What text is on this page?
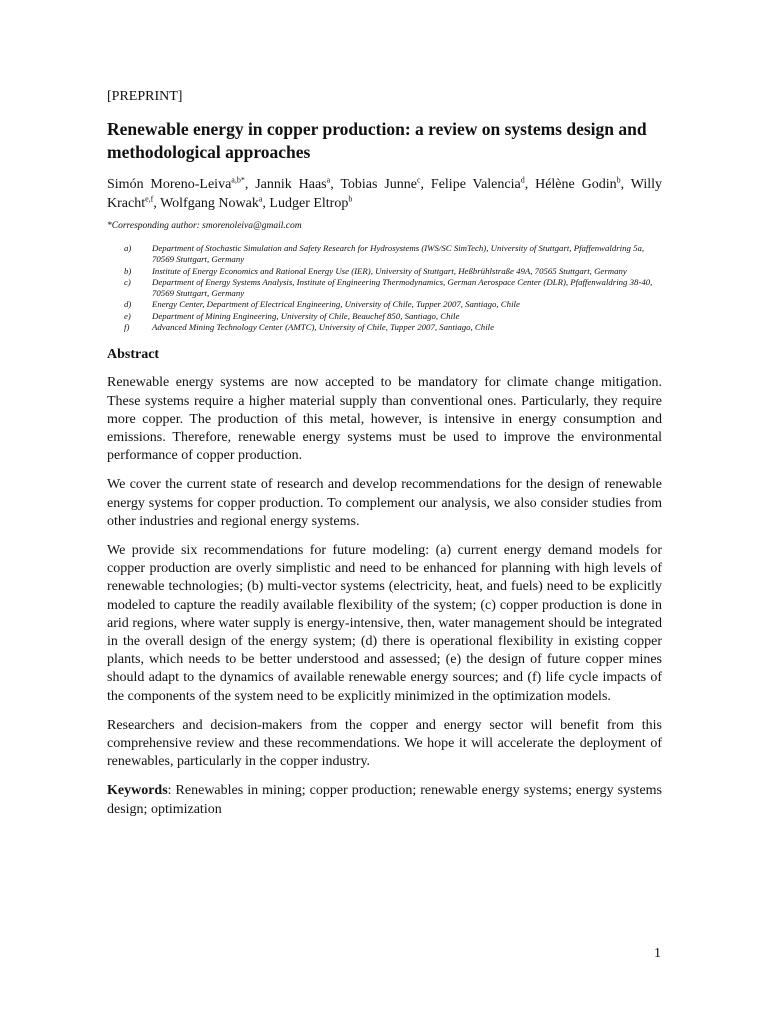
[PREPRINT]

Renewable energy in copper production: a review on systems design and methodological approaches

Simón Moreno-Leiva$^{a,b*}$, Jannik Haas$^a$, Tobias Junne$^c$, Felipe Valencia$^d$, Hélène Godin$^b$, Willy Kracht$^{e,f}$, Wolfgang Nowak$^a$, Ludger Eltrop$^b$

*Corresponding author: smorenoleiva@gmail.com

a)	Department of Stochastic Simulation and Safety Research for Hydrosystems (IWS/SC SimTech), University of Stuttgart, Pfaffenwaldring 5a, 70569 Stuttgart, Germany
b)	Institute of Energy Economics and Rational Energy Use (IER), University of Stuttgart, Heßbrühlstraße 49A, 70565 Stuttgart, Germany
c)	Department of Energy Systems Analysis, Institute of Engineering Thermodynamics, German Aerospace Center (DLR), Pfaffenwaldring 38-40, 70569 Stuttgart, Germany
d)	Energy Center, Department of Electrical Engineering, University of Chile, Tupper 2007, Santiago, Chile
e)	Department of Mining Engineering, University of Chile, Beauchef 850, Santiago, Chile
f)	Advanced Mining Technology Center (AMTC), University of Chile, Tupper 2007, Santiago, Chile
Abstract

Renewable energy systems are now accepted to be mandatory for climate change mitigation. These systems require a higher material supply than conventional ones. Particularly, they require more copper. The production of this metal, however, is intensive in energy consumption and emissions. Therefore, renewable energy systems must be used to improve the environmental performance of copper production.

We cover the current state of research and develop recommendations for the design of renewable energy systems for copper production. To complement our analysis, we also consider studies from other industries and regional energy systems.

We provide six recommendations for future modeling: (a) current energy demand models for copper production are overly simplistic and need to be enhanced for planning with high levels of renewable technologies; (b) multi-vector systems (electricity, heat, and fuels) need to be explicitly modeled to capture the readily available flexibility of the system; (c) copper production is done in arid regions, where water supply is energy-intensive, then, water management should be integrated in the overall design of the energy system; (d) there is operational flexibility in existing copper plants, which needs to be better understood and assessed; (e) the design of future copper mines should adapt to the dynamics of available renewable energy sources; and (f) life cycle impacts of the components of the system need to be explicitly minimized in the optimization models.

Researchers and decision-makers from the copper and energy sector will benefit from this comprehensive review and these recommendations. We hope it will accelerate the deployment of renewables, particularly in the copper industry.

Keywords: Renewables in mining; copper production; renewable energy systems; energy systems design; optimization

1
